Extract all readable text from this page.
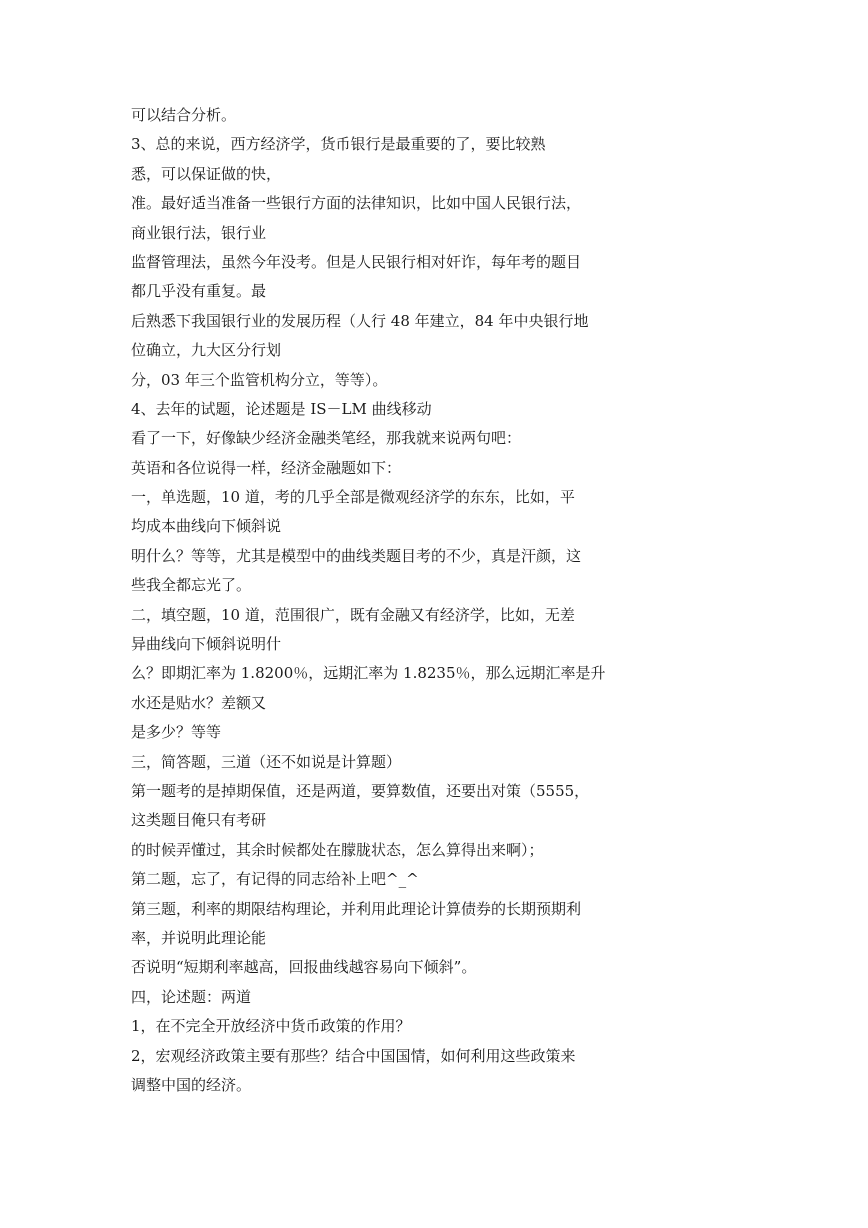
可以结合分析。
3、总的来说，西方经济学，货币银行是最重要的了，要比较熟
悉，可以保证做的快，
准。最好适当准备一些银行方面的法律知识，比如中国人民银行法，
商业银行法，银行业
监督管理法，虽然今年没考。但是人民银行相对奸诈，每年考的题目
都几乎没有重复。最
后熟悉下我国银行业的发展历程（人行 48 年建立，84 年中央银行地
位确立，九大区分行划
分，03 年三个监管机构分立，等等）。
4、去年的试题，论述题是 IS－LM 曲线移动
看了一下，好像缺少经济金融类笔经，那我就来说两句吧：
英语和各位说得一样，经济金融题如下：
一，单选题，10 道，考的几乎全部是微观经济学的东东，比如，平
均成本曲线向下倾斜说
明什么？等等，尤其是模型中的曲线类题目考的不少，真是汗颜，这
些我全都忘光了。
二，填空题，10 道，范围很广，既有金融又有经济学，比如，无差
异曲线向下倾斜说明什
么？即期汇率为 1.8200％，远期汇率为 1.8235％，那么远期汇率是升
水还是贴水？差额又
是多少？等等
三，简答题，三道（还不如说是计算题）
第一题考的是掉期保值，还是两道，要算数值，还要出对策（5555，
这类题目俺只有考研
的时候弄懂过，其余时候都处在朦胧状态，怎么算得出来啊）；
第二题，忘了，有记得的同志给补上吧^_^
第三题，利率的期限结构理论，并利用此理论计算债券的长期预期利
率，并说明此理论能
否说明“短期利率越高，回报曲线越容易向下倾斜”。
四，论述题：两道
1，在不完全开放经济中货币政策的作用？
2，宏观经济政策主要有那些？结合中国国情，如何利用这些政策来
调整中国的经济。
